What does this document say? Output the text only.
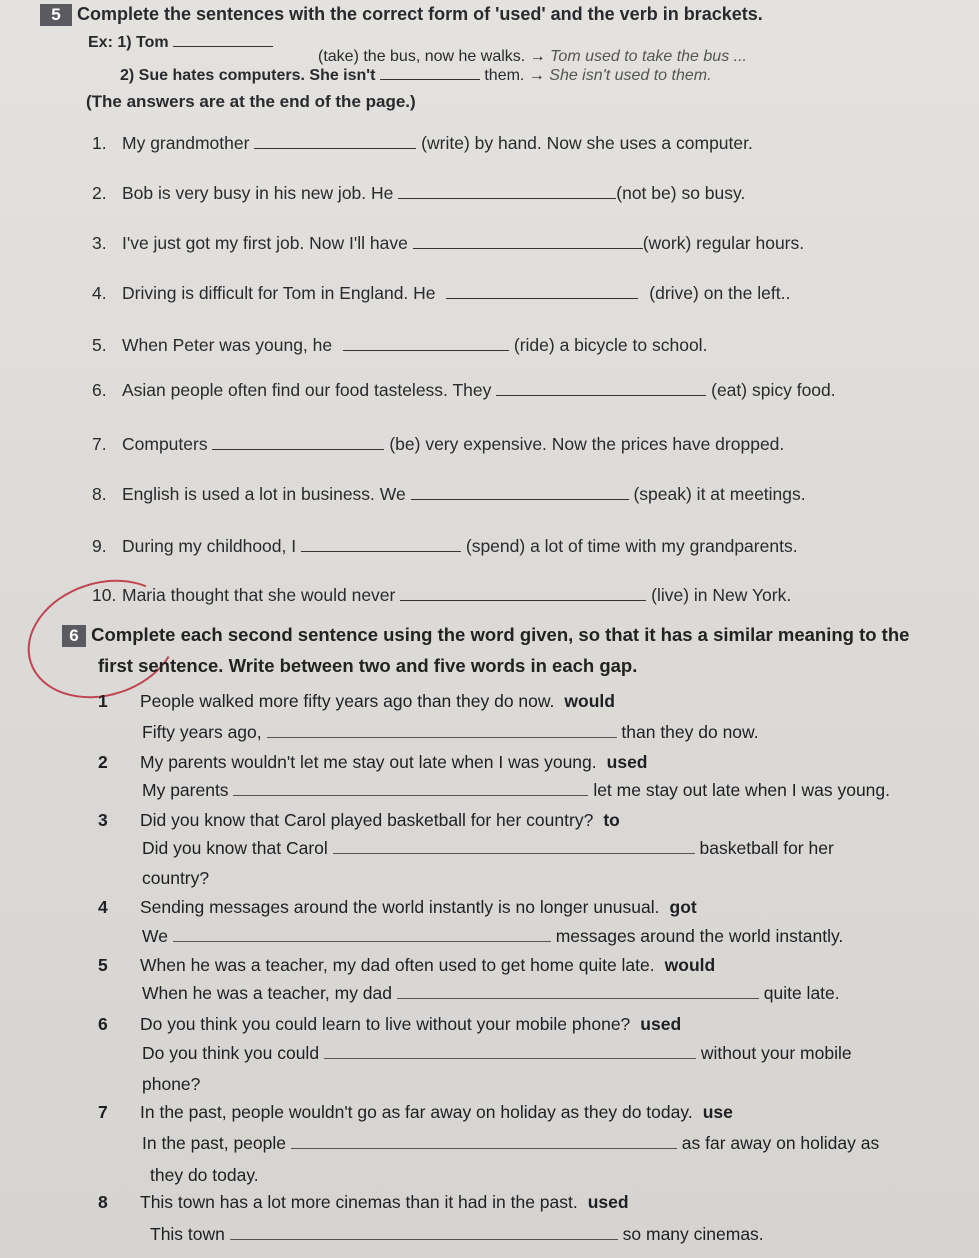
5 Complete the sentences with the correct form of 'used' and the verb in brackets.
Ex: 1) Tom
(take) the bus, now he walks. → Tom used to take the bus ...
2) Sue hates computers. She isn't	them. → She isn't used to them.
(The answers are at the end of the page.)
1. My grandmother	(write) by hand. Now she uses a computer.
2. Bob is very busy in his new job. He	(not be) so busy.
3. I've just got my first job. Now I'll have	(work) regular hours.
4. Driving is difficult for Tom in England. He	(drive) on the left..
5. When Peter was young, he	(ride) a bicycle to school.
6. Asian people often find our food tasteless. They	(eat) spicy food.
7. Computers	(be) very expensive. Now the prices have dropped.
8. English is used a lot in business. We	(speak) it at meetings.
9. During my childhood, I	(spend) a lot of time with my grandparents.
10. Maria thought that she would never	(live) in New York.
6 Complete each second sentence using the word given, so that it has a similar meaning to the
first sentence. Write between two and five words in each gap.
1 People walked more fifty years ago than they do now. would
Fifty years ago,	than they do now.
2 My parents wouldn't let me stay out late when I was young. used
My parents	let me stay out late when I was young.
3 Did you know that Carol played basketball for her country? to
Did you know that Carol	basketball for her
country?
4 Sending messages around the world instantly is no longer unusual. got
We	messages around the world instantly.
5 When he was a teacher, my dad often used to get home quite late. would
When he was a teacher, my dad	quite late.
6 Do you think you could learn to live without your mobile phone? used
Do you think you could	without your mobile
phone?
7 In the past, people wouldn't go as far away on holiday as they do today. use
In the past, people	as far away on holiday as
they do today.
8 This town has a lot more cinemas than it had in the past. used
This town	so many cinemas.
